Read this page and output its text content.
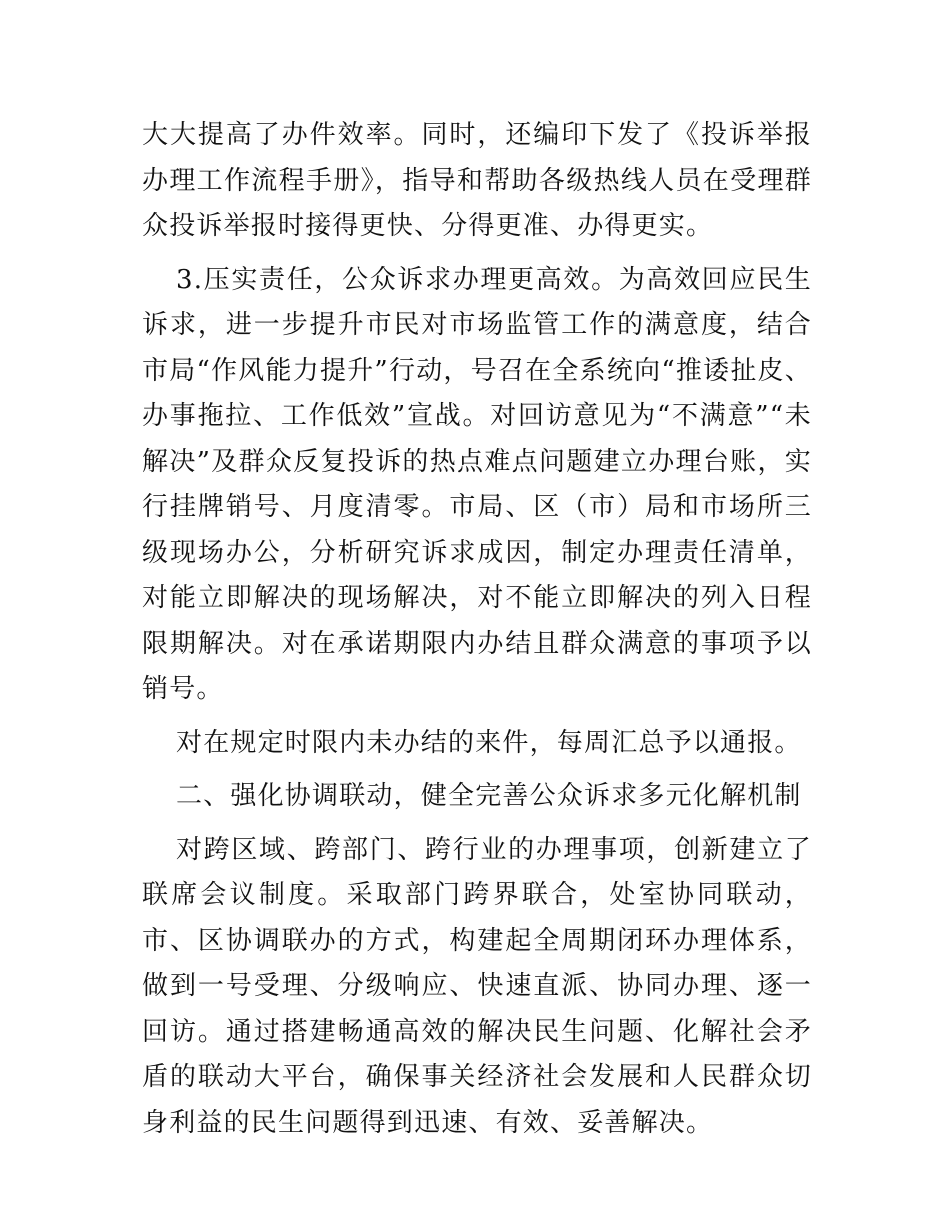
大大提高了办件效率。同时，还编印下发了《投诉举报办理工作流程手册》，指导和帮助各级热线人员在受理群众投诉举报时接得更快、分得更准、办得更实。

3.压实责任，公众诉求办理更高效。为高效回应民生诉求，进一步提升市民对市场监管工作的满意度，结合市局“作风能力提升”行动，号召在全系统向“推诿扯皮、办事拖拉、工作低效”宣战。对回访意见为“不满意”“未解决”及群众反复投诉的热点难点问题建立办理台账，实行挂牌销号、月度清零。市局、区（市）局和市场所三级现场办公，分析研究诉求成因，制定办理责任清单，对能立即解决的现场解决，对不能立即解决的列入日程限期解决。对在承诺期限内办结且群众满意的事项予以销号。

对在规定时限内未办结的来件，每周汇总予以通报。

二、强化协调联动，健全完善公众诉求多元化解机制

对跨区域、跨部门、跨行业的办理事项，创新建立了联席会议制度。采取部门跨界联合，处室协同联动，市、区协调联办的方式，构建起全周期闭环办理体系，做到一号受理、分级响应、快速直派、协同办理、逐一回访。通过搭建畅通高效的解决民生问题、化解社会矛盾的联动大平台，确保事关经济社会发展和人民群众切身利益的民生问题得到迅速、有效、妥善解决。
